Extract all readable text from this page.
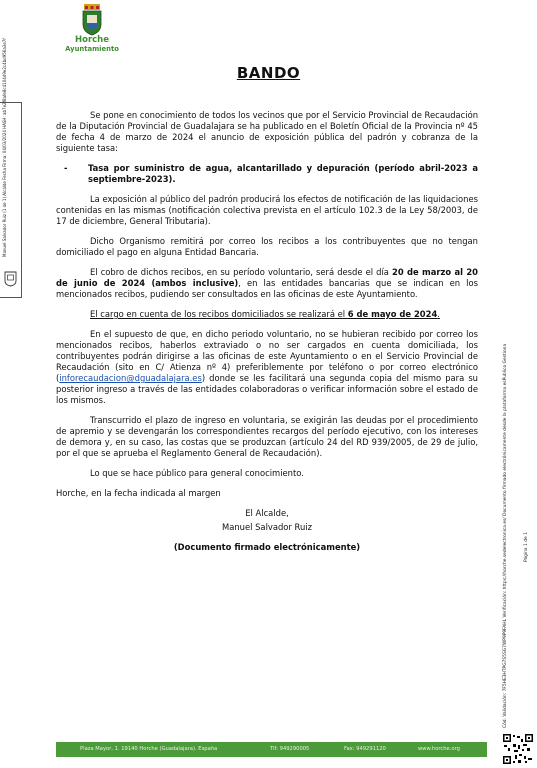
Horche
Ayuntamiento
Manuel Salvador Ruiz (1 de 1) Alcalde Fecha Firma: 04/03/2024 HASH: ab7e2f8afe8c4104d9e2c4bd956a3e7f	BANDO

Se pone en conocimiento de todos los vecinos que por el Servicio Provincial de Recaudación de la Diputación Provincial de Guadalajara se ha publicado en el Boletín Oficial de la Provincia nº 45 de fecha 4 de marzo de 2024 el anuncio de exposición pública del padrón y cobranza de la siguiente tasa:

-	Tasa por suministro de agua, alcantarillado y depuración (período abril-2023 a septiembre-2023).

La exposición al público del padrón producirá los efectos de notificación de las liquidaciones contenidas en las mismas (notificación colectiva prevista en el artículo 102.3 de la Ley 58/2003, de 17 de diciembre, General Tributaria).

Dicho Organismo remitirá por correo los recibos a los contribuyentes que no tengan domiciliado el pago en alguna Entidad Bancaria.

El cobro de dichos recibos, en su período voluntario, será desde el día 20 de marzo al 20 de junio de 2024 (ambos inclusive), en las entidades bancarias que se indican en los mencionados recibos, pudiendo ser consultados en las oficinas de este Ayuntamiento.

El cargo en cuenta de los recibos domiciliados se realizará el 6 de mayo de 2024.

En el supuesto de que, en dicho periodo voluntario, no se hubieran recibido por correo los mencionados recibos, haberlos extraviado o no ser cargados en cuenta domiciliada, los contribuyentes podrán dirigirse a las oficinas de este Ayuntamiento o en el Servicio Provincial de Recaudación (sito en C/ Atienza nº 4) preferiblemente por teléfono o por correo electrónico (inforecaudacion@dguadalajara.es) donde se les facilitará una segunda copia del mismo para su posterior ingreso a través de las entidades colaboradoras o verificar información sobre el estado de los mismos.

Transcurrido el plazo de ingreso en voluntaria, se exigirán las deudas por el procedimiento de apremio y se devengarán los correspondientes recargos del período ejecutivo, con los intereses de demora y, en su caso, las costas que se produzcan (artículo 24 del RD 939/2005, de 29 de julio, por el que se aprueba el Reglamento General de Recaudación).

Lo que se hace público para general conocimiento.

Horche, en la fecha indicada al margen

El Alcalde,
Manuel Salvador Ruiz
(Documento firmado electrónicamente)	Página 1 de 1
Cód. Validación: 7F5HE3HTPG7S5SG7WP9P9FAHL Verificación: https://horche.sedelectronica.es/ Documento firmado electrónicamente desde la plataforma esPublico Gestiona
Plaza Mayor, 1. 19140 Horche (Guadalajara). España	Tlf: 949290005	Fax: 949291120	www.horche.org
